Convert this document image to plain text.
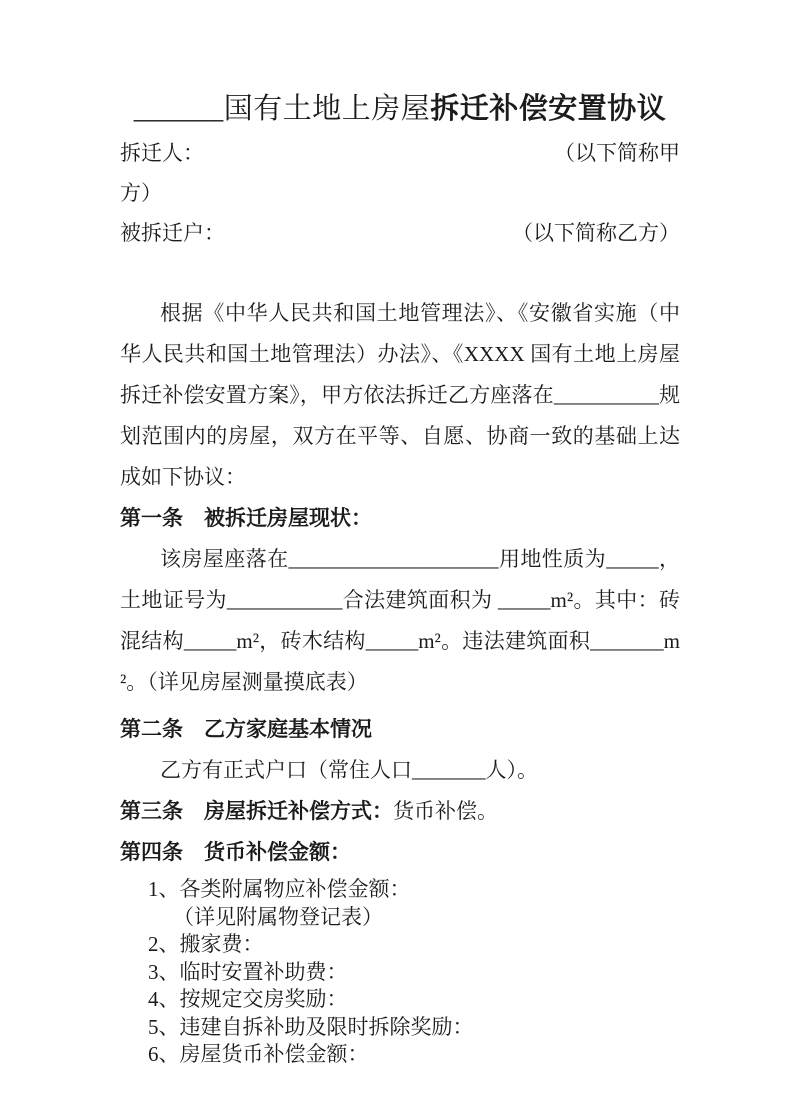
______国有土地上房屋拆迁补偿安置协议
拆迁人：	（以下简称甲
方）
被拆迁户：	（以下简称乙方）

根据《中华人民共和国土地管理法》、《安徽省实施（中华人民共和国土地管理法）办法》、《XXXX 国有土地上房屋拆迁补偿安置方案》，甲方依法拆迁乙方座落在__________规划范围内的房屋，双方在平等、自愿、协商一致的基础上达成如下协议：

第一条　被拆迁房屋现状：

该房屋座落在____________________用地性质为_____，土地证号为___________合法建筑面积为 _____m²。其中：砖混结构_____m²，砖木结构_____m²。违法建筑面积_______m²。（详见房屋测量摸底表）

第二条　乙方家庭基本情况

乙方有正式户口（常住人口_______人）。

第三条　房屋拆迁补偿方式：货币补偿。
第四条　货币补偿金额：
1、各类附属物应补偿金额：
（详见附属物登记表）
2、搬家费：
3、临时安置补助费：
4、按规定交房奖励：
5、违建自拆补助及限时拆除奖励：
6、房屋货币补偿金额：
